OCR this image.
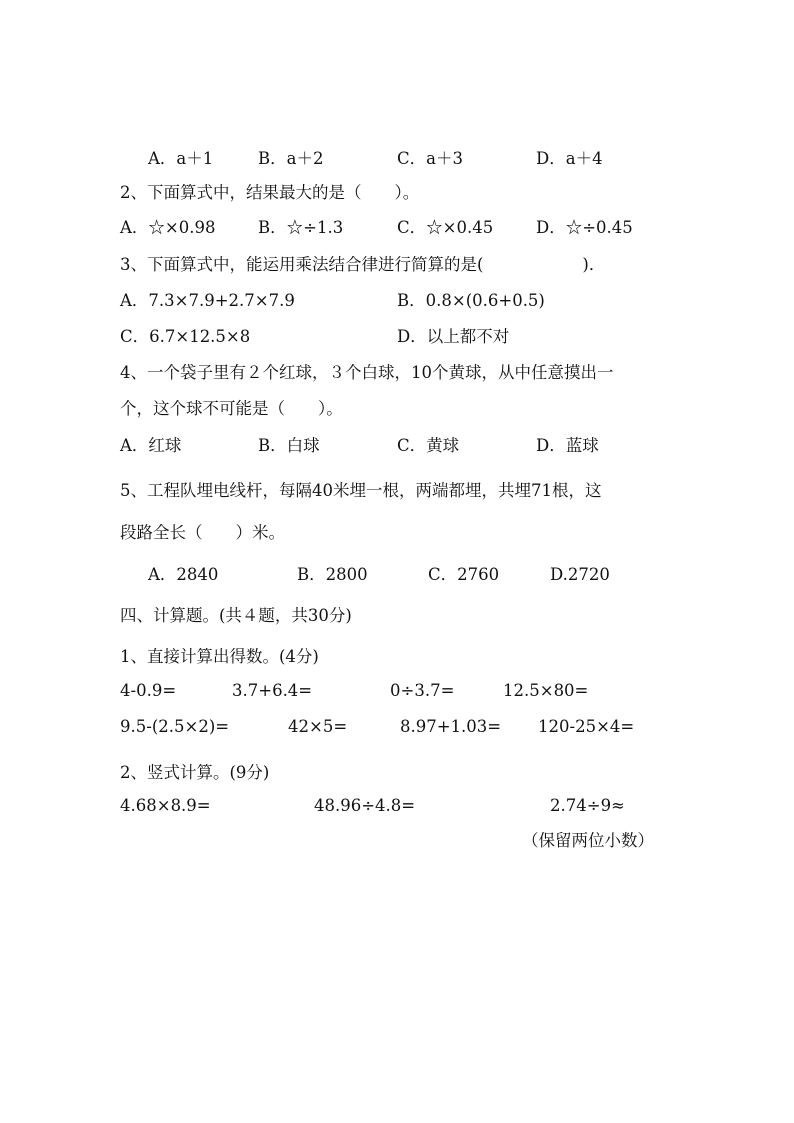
A．a＋1	B．a＋2	C．a＋3	D．a＋4
2、下面算式中，结果最大的是（　　）。
A．☆×0.98	B．☆÷1.3	C．☆×0.45	D．☆÷0.45
3、下面算式中，能运用乘法结合律进行简算的是(　　　　　　)．
A．7.3×7.9+2.7×7.9	B．0.8×(0.6+0.5)
C．6.7×12.5×8	D．以上都不对
4、一个袋子里有２个红球，３个白球，10个黄球，从中任意摸出一
个，这个球不可能是（　　）。
A．红球	B．白球	C．黄球	D．蓝球
5、工程队埋电线杆，每隔40米埋一根，两端都埋，共埋71根，这
段路全长（　　）米。
A．2840	B．2800	C．2760	D.2720
四、计算题。(共４题，共30分)
1、直接计算出得数。(4分)
4-0.9=	3.7+6.4=	0÷3.7=	12.5×80=
9.5-(2.5×2)=	42×5=	8.97+1.03= 120-25×4=
2、竖式计算。(9分)
4.68×8.9=	48.96÷4.8=	2.74÷9≈
（保留两位小数）
